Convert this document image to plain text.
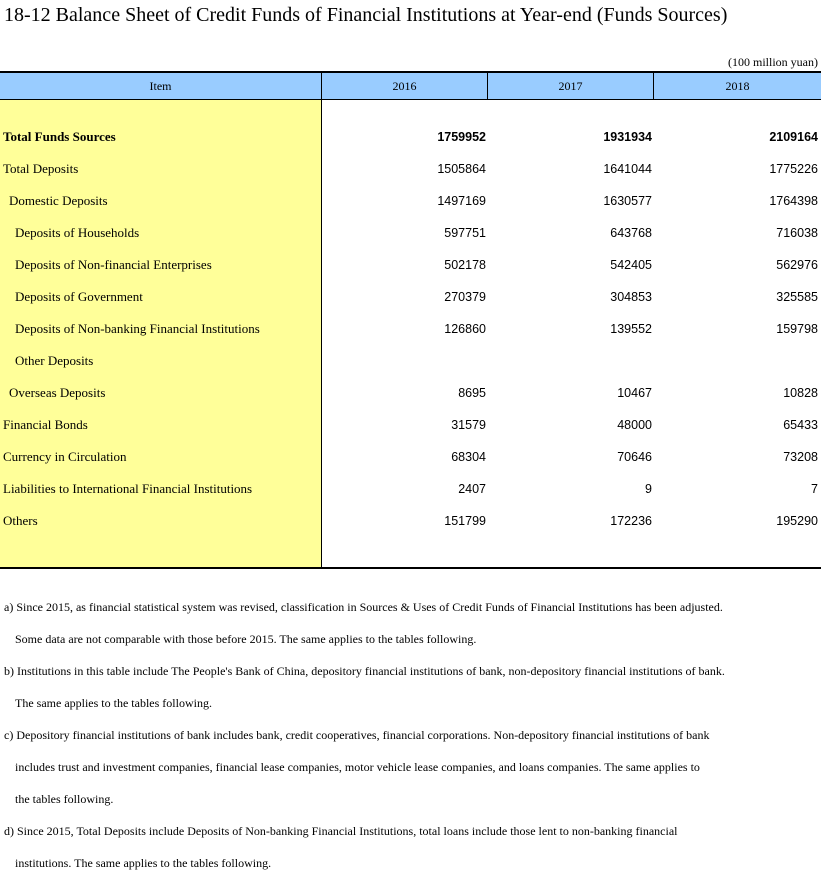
18-12 Balance Sheet of Credit Funds of Financial Institutions at Year-end (Funds Sources)
(100 million yuan)
Item	2016	2017	2018
Total Funds Sources	1759952	1931934	2109164
Total Deposits	1505864	1641044	1775226
Domestic Deposits	1497169	1630577	1764398
Deposits of Households	597751	643768	716038
Deposits of Non-financial Enterprises	502178	542405	562976
Deposits of Government	270379	304853	325585
Deposits of Non-banking Financial Institutions	126860	139552	159798
Other Deposits
Overseas Deposits	8695	10467	10828
Financial Bonds	31579	48000	65433
Currency in Circulation	68304	70646	73208
Liabilities to International Financial Institutions	2407	9	7
Others	151799	172236	195290
a) Since 2015, as financial statistical system was revised, classification in Sources & Uses of Credit Funds of Financial Institutions has been adjusted.
Some data are not comparable with those before 2015. The same applies to the tables following.
b) Institutions in this table include The People's Bank of China, depository financial institutions of bank, non-depository financial institutions of bank.
The same applies to the tables following.
c) Depository financial institutions of bank includes bank, credit cooperatives, financial corporations. Non-depository financial institutions of bank
includes trust and investment companies, financial lease companies, motor vehicle lease companies, and loans companies. The same applies to
the tables following.
d) Since 2015, Total Deposits include Deposits of Non-banking Financial Institutions, total loans include those lent to non-banking financial
institutions. The same applies to the tables following.
